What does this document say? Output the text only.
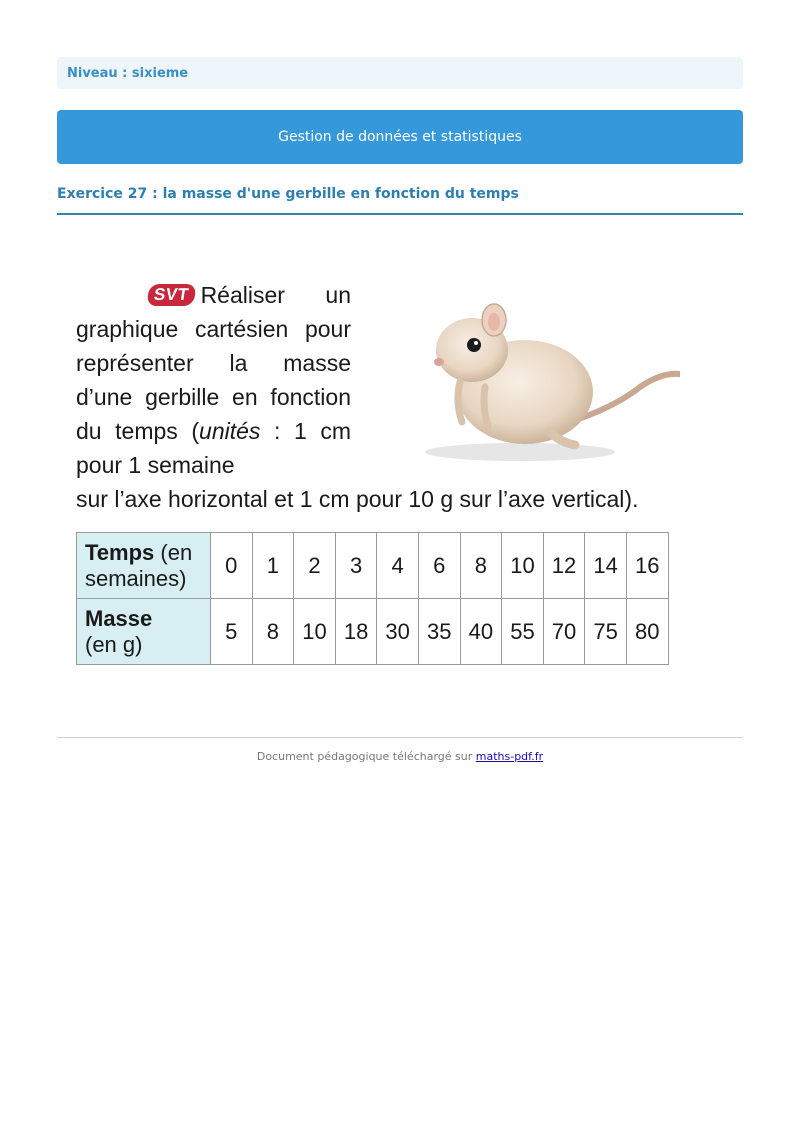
Niveau : sixieme
Gestion de données et statistiques
Exercice 27 : la masse d'une gerbille en fonction du temps
SVT Réaliser un graphique cartésien pour représenter la masse d’une gerbille en fonction du temps (unités : 1 cm pour 1 semaine
sur l’axe horizontal et 1 cm pour 10 g sur l’axe vertical).
Temps (en semaines)	0	1	2	3	4	6	8	10	12	14	16
Masse
(en g)	5	8	10	18	30	35	40	55	70	75	80
Document pédagogique téléchargé sur maths-pdf.fr
